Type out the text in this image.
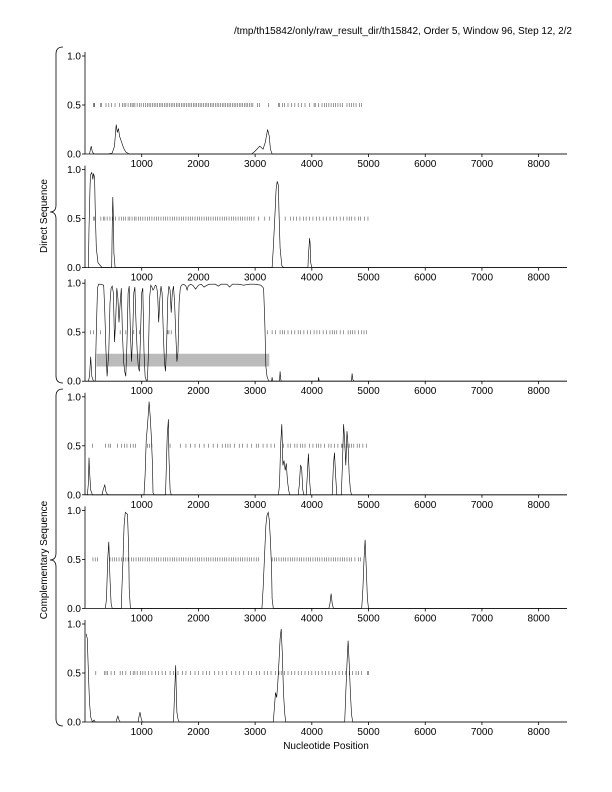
/tmp/th15842/only/raw_result_dir/th15842, Order 5, Window 96, Step 12, 2/2
0.0
0.5
1.0
1000	2000	3000	4000	5000	6000	7000	8000
0.0
0.5
1.0
1000	2000	3000	4000	5000	6000	7000	8000
0.0
0.5
1.0
1000	2000	3000	4000	5000	6000	7000	8000
0.0
0.5
1.0
1000	2000	3000	4000	5000	6000	7000	8000
0.0
0.5
1.0
1000	2000	3000	4000	5000	6000	7000	8000
0.0
0.5
1.0
1000	2000	3000	4000	5000	6000	7000	8000
Direct Sequence
Complementary Sequence
Nucleotide Position
